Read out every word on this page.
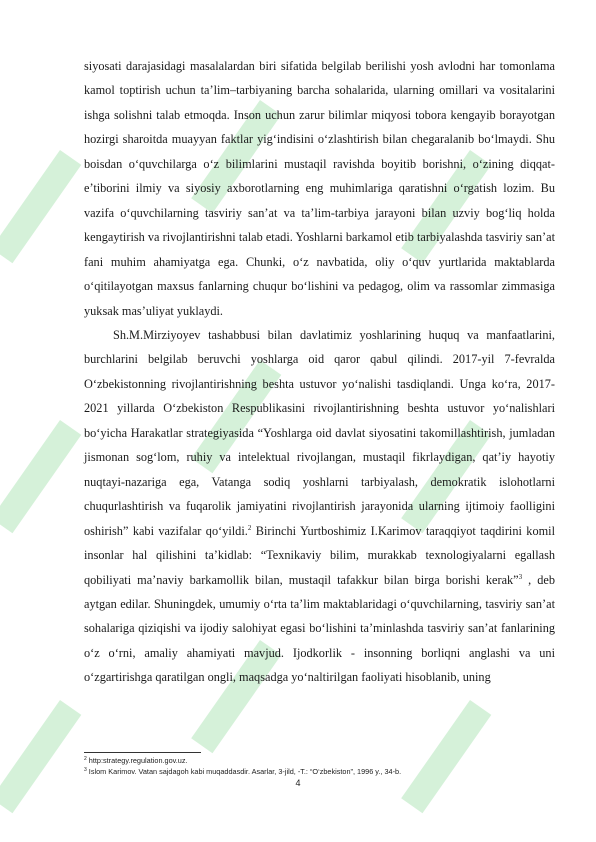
siyosati darajasidagi masalalardan biri sifatida belgilab berilishi yosh avlodni har tomonlama kamol toptirish uchun ta’lim–tarbiyaning barcha sohalarida, ularning omillari va vositalarini ishga solishni talab etmoqda. Inson uchun zarur bilimlar miqyosi tobora kengayib borayotgan hozirgi sharoitda muayyan faktlar yig‘indisini o‘zlashtirish bilan chegaralanib bo‘lmaydi. Shu boisdan o‘quvchilarga o‘z bilimlarini mustaqil ravishda boyitib borishni, o‘zining diqqat-e’tiborini ilmiy va siyosiy axborotlarning eng muhimlariga qaratishni o‘rgatish lozim. Bu vazifa o‘quvchilarning tasviriy san’at va ta’lim-tarbiya jarayoni bilan uzviy bog‘liq holda kengaytirish va rivojlantirishni talab etadi. Yoshlarni barkamol etib tarbiyalashda tasviriy san’at fani muhim ahamiyatga ega. Chunki, o‘z navbatida, oliy o‘quv yurtlarida maktablarda o‘qitilayotgan maxsus fanlarning chuqur bo‘lishini va pedagog, olim va rassomlar zimmasiga yuksak mas’uliyat yuklaydi.

Sh.M.Mirziyoyev tashabbusi bilan davlatimiz yoshlarining huquq va manfaatlarini, burchlarini belgilab beruvchi yoshlarga oid qaror qabul qilindi. 2017-yil 7-fevralda O‘zbekistonning rivojlantirishning beshta ustuvor yo‘nalishi tasdiqlandi. Unga ko‘ra, 2017-2021 yillarda O‘zbekiston Respublikasini rivojlantirishning beshta ustuvor yo‘nalishlari bo‘yicha Harakatlar strategiyasida “Yoshlarga oid davlat siyosatini takomillashtirish, jumladan jismonan sog‘lom, ruhiy va intelektual rivojlangan, mustaqil fikrlaydigan, qat’iy hayotiy nuqtayi-nazariga ega, Vatanga sodiq yoshlarni tarbiyalash, demokratik islohotlarni chuqurlashtirish va fuqarolik jamiyatini rivojlantirish jarayonida ularning ijtimoiy faolligini oshirish” kabi vazifalar qo‘yildi.$^2$ Birinchi Yurtboshimiz I.Karimov taraqqiyot taqdirini komil insonlar hal qilishini ta’kidlab: “Texnikaviy bilim, murakkab texnologiyalarni egallash qobiliyati ma’naviy barkamollik bilan, mustaqil tafakkur bilan birga borishi kerak”$^3$ , deb aytgan edilar. Shuningdek, umumiy o‘rta ta’lim maktablaridagi o‘quvchilarning, tasviriy san’at sohalariga qiziqishi va ijodiy salohiyat egasi bo‘lishini ta’minlashda tasviriy san’at fanlarining o‘z o‘rni, amaliy ahamiyati mavjud. Ijodkorlik - insonning borliqni anglashi va uni o‘zgartirishga qaratilgan ongli, maqsadga yo‘naltirilgan faoliyati hisoblanib, uning

$^2$ http:strategy.regulation.gov.uz.
$^3$ Islom Karimov. Vatan sajdagoh kabi muqaddasdir. Asarlar, 3-jild, -T.: “O‘zbekiston”, 1996 y., 34-b.
4
